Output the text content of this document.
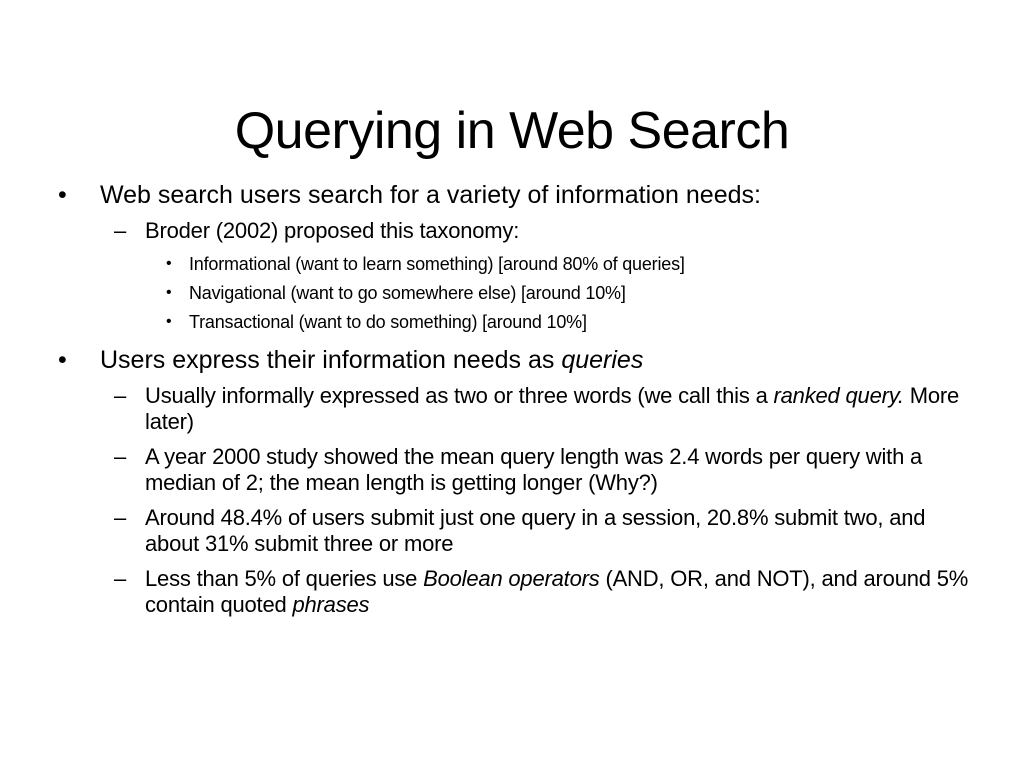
Querying in Web Search

• Web search users search for a variety of information needs:

– Broder (2002) proposed this taxonomy:

• Informational (want to learn something) [around 80% of queries]

• Navigational (want to go somewhere else) [around 10%]

• Transactional (want to do something) [around 10%]

• Users express their information needs as queries

– Usually informally expressed as two or three words (we call this a ranked query. More later)

– A year 2000 study showed the mean query length was 2.4 words per query with a median of 2; the mean length is getting longer (Why?)

– Around 48.4% of users submit just one query in a session, 20.8% submit two, and about 31% submit three or more

– Less than 5% of queries use Boolean operators (AND, OR, and NOT), and around 5% contain quoted phrases
